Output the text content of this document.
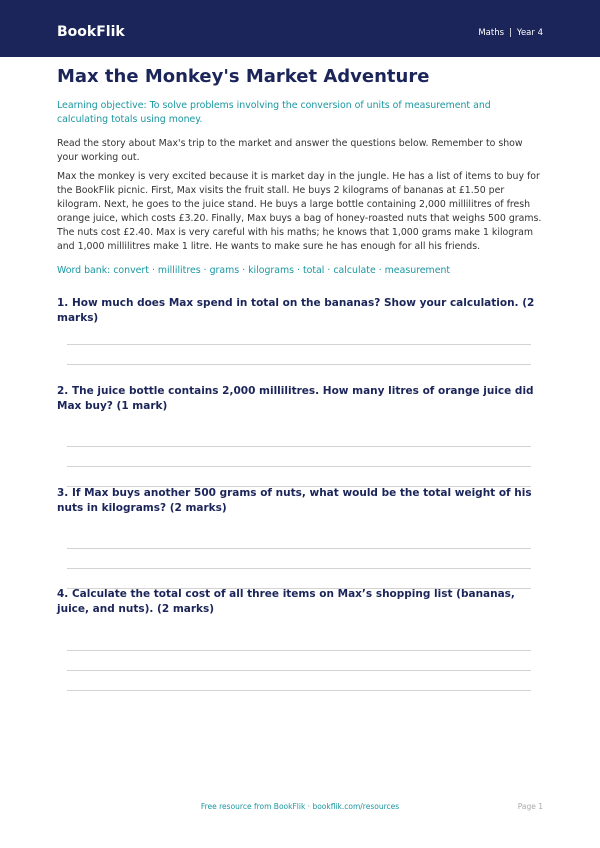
BookFlik	Maths | Year 4
Max the Monkey's Market Adventure

Learning objective: To solve problems involving the conversion of units of measurement and calculating totals using money.

Read the story about Max's trip to the market and answer the questions below. Remember to show your working out.

Max the monkey is very excited because it is market day in the jungle. He has a list of items to buy for the BookFlik picnic. First, Max visits the fruit stall. He buys 2 kilograms of bananas at £1.50 per kilogram. Next, he goes to the juice stand. He buys a large bottle containing 2,000 millilitres of fresh orange juice, which costs £3.20. Finally, Max buys a bag of honey-roasted nuts that weighs 500 grams. The nuts cost £2.40. Max is very careful with his maths; he knows that 1,000 grams make 1 kilogram and 1,000 millilitres make 1 litre. He wants to make sure he has enough for all his friends.

Word bank: convert · millilitres · grams · kilograms · total · calculate · measurement

1. How much does Max spend in total on the bananas? Show your calculation. (2 marks)

2. The juice bottle contains 2,000 millilitres. How many litres of orange juice did Max buy? (1 mark)

3. If Max buys another 500 grams of nuts, what would be the total weight of his nuts in kilograms? (2 marks)

4. Calculate the total cost of all three items on Max’s shopping list (bananas, juice, and nuts). (2 marks)

Free resource from BookFlik · bookflik.com/resources	Page 1
